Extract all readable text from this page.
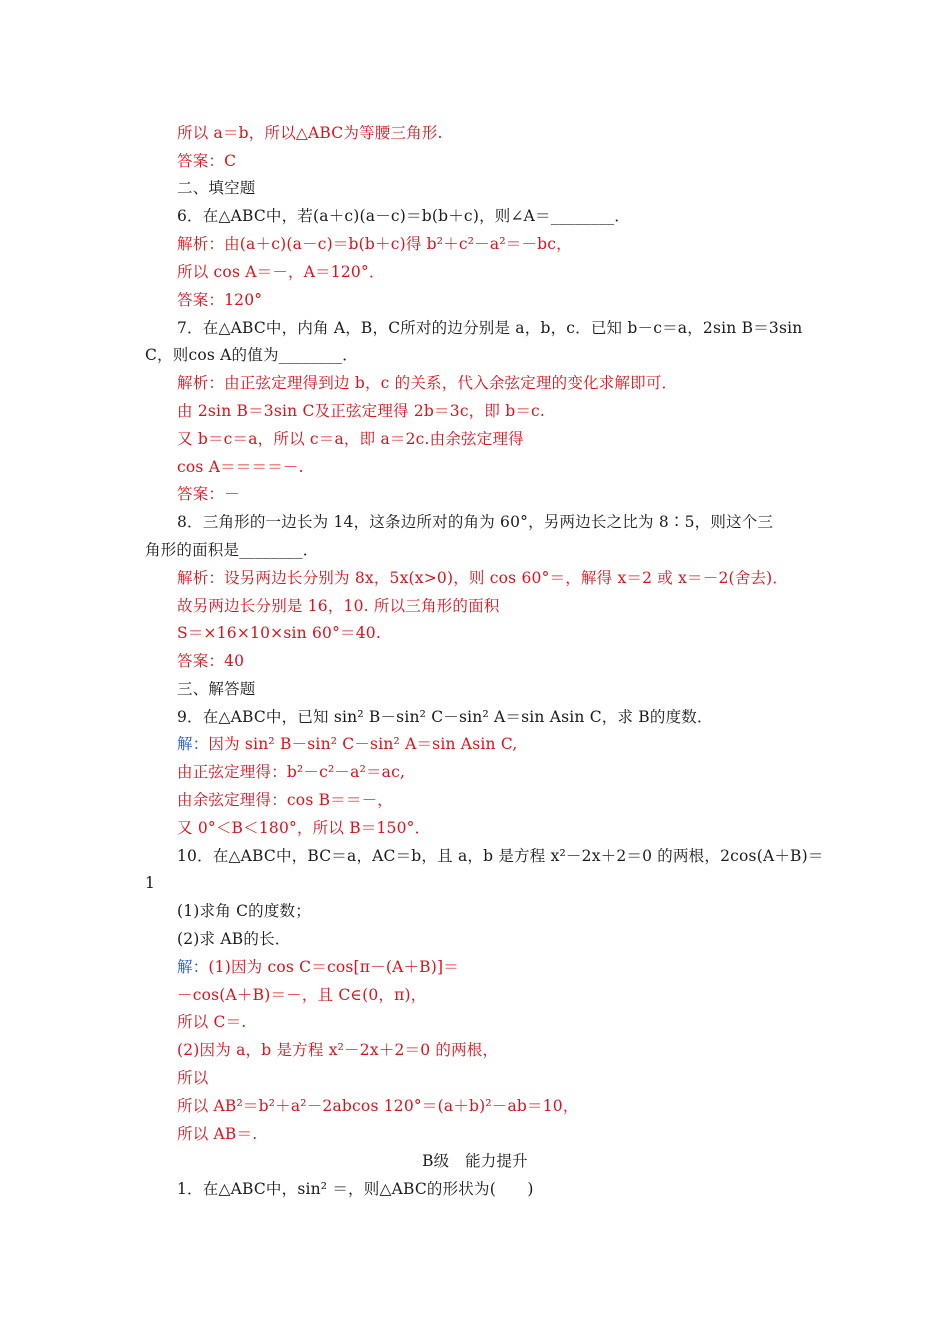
所以 a＝b，所以△ABC为等腰三角形.
答案：C
二、填空题
6．在△ABC中，若(a＋c)(a－c)＝b(b＋c)，则∠A＝________．
解析：由(a＋c)(a－c)＝b(b＋c)得 b²＋c²－a²＝－bc，
所以 cos A＝－，A＝120°．
答案：120°
7．在△ABC中，内角 A，B，C所对的边分别是 a，b，c．已知 b－c＝a，2sin B＝3sin
C，则cos A的值为________．
解析：由正弦定理得到边 b，c 的关系，代入余弦定理的变化求解即可．
由 2sin B＝3sin C及正弦定理得 2b＝3c，即 b＝c.
又 b＝c＝a，所以 c＝a，即 a＝2c.由余弦定理得
cos A＝＝＝＝－.
答案：－
8．三角形的一边长为 14，这条边所对的角为 60°，另两边长之比为 8∶5，则这个三
角形的面积是________．
解析：设另两边长分别为 8x，5x(x>0)，则 cos 60°＝，解得 x＝2 或 x＝－2(舍去)．
故另两边长分别是 16，10. 所以三角形的面积
S＝×16×10×sin 60°＝40.
答案：40
三、解答题
9．在△ABC中，已知 sin² B－sin² C－sin² A＝sin Asin C，求 B的度数．
解：因为 sin² B－sin² C－sin² A＝sin Asin C,
由正弦定理得：b²－c²－a²＝ac,
由余弦定理得：cos B＝＝－，
又 0°＜B＜180°，所以 B＝150°．
10．在△ABC中，BC＝a，AC＝b，且 a，b 是方程 x²－2x＋2＝0 的两根，2cos(A＋B)＝
1
(1)求角 C的度数；
(2)求 AB的长．
解：(1)因为 cos C＝cos[π－(A＋B)]＝
－cos(A＋B)＝－，且 C∈(0，π)，
所以 C＝.
(2)因为 a，b 是方程 x²－2x＋2＝0 的两根，
所以
所以 AB²＝b²＋a²－2abcos 120°＝(a＋b)²－ab＝10，
所以 AB＝.
B级　能力提升
1．在△ABC中，sin² ＝，则△ABC的形状为(　　)
